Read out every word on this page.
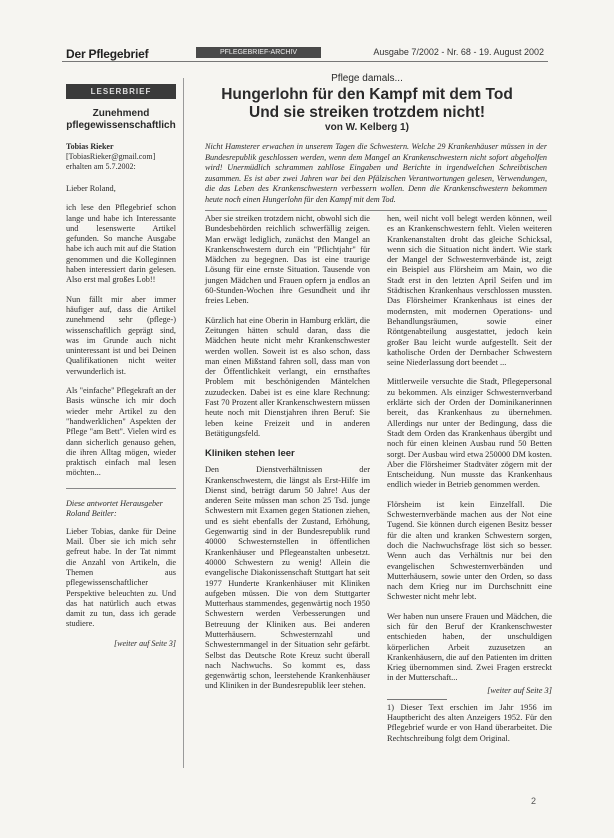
Der Pflegebrief	PFLEGEBRIEF-ARCHIV	Ausgabe 7/2002 - Nr. 68 - 19. August 2002
LESERBRIEF
Zunehmend pflegewissenschaftlich
Tobias Rieker
[TobiasRieker@gmail.com]
erhalten am 5.7.2002:

Lieber Roland,

ich lese den Pflegebrief schon lange und habe ich Interessante und lesenswerte Artikel gefunden. So manche Ausgabe habe ich auch mit auf die Station genommen und die Kolleginnen haben interessiert darin gelesen. Also erst mal großes Lob!!

Nun fällt mir aber immer häufiger auf, dass die Artikel zunehmend sehr (pflege-) wissenschaftlich geprägt sind, was im Grunde auch nicht uninteressant ist und bei Deinen Qualifikationen nicht weiter verwunderlich ist.

Als "einfache" Pflegekraft an der Basis wünsche ich mir doch wieder mehr Artikel zu den "handwerklichen" Aspekten der Pflege "am Bett". Vielen wird es dann sicherlich genauso gehen, die ihren Alltag mögen, wieder praktisch einfach mal lesen möchten...

Diese antwortet Herausgeber Roland Beitler:

Lieber Tobias, danke für Deine Mail. Über sie ich mich sehr gefreut habe. In der Tat nimmt die Anzahl von Artikeln, die Themen aus pflegewissenschaftlicher Perspektive beleuchten zu. Und das hat natürlich auch etwas damit zu tun, dass ich gerade studiere.

[weiter auf Seite 3]
Pflege damals...
Hungerlohn für den Kampf mit dem Tod
Und sie streiken trotzdem nicht!
von W. Kelberg 1)

Nicht Hamsterer erwachen in unserem Tagen die Schwestern. Welche 29 Krankenhäuser müssen in der Bundesrepublik geschlossen werden, wenn dem Mangel an Krankenschwestern nicht sofort abgeholfen wird! Unermüdlich schrammen zahllose Eingaben und Berichte in irgendwelchen Schreibtischen zusammen. Es ist aber zwei Jahren war bei den Pfälzischen Verantwortungen gelesen, Verwendungen, die das Leben des Krankenschwestern verbessern wollen. Denn die Krankenschwestern bekommen heute noch einen Hungerlohn für den Kampf mit dem Tod.

Aber sie streiken trotzdem nicht, obwohl sich die Bundesbehörden reichlich schwerfällig zeigen. Man erwägt lediglich, zunächst den Mangel an Krankenschwestern durch ein "Pflichtjahr" für Mädchen zu begegnen. Das ist eine traurige Lösung für eine ernste Situation. Tausende von jungen Mädchen und Frauen opfern ja endlos an 60-Stunden-Wochen ihre Gesundheit und ihr freies Leben.

Kürzlich hat eine Oberin in Hamburg erklärt, die Zeitungen hätten schuld daran, dass die Mädchen heute nicht mehr Krankenschwester werden wollen. Soweit ist es also schon, dass man einen Mißstand fahren soll, dass man von der Öffentlichkeit verlangt, ein ernsthaftes Problem mit beschönigenden Mäntelchen zuzudecken. Dabei ist es eine klare Rechnung: Fast 70 Prozent aller Krankenschwestern müssen heute noch mit Dienstjahren ihren Beruf: Sie leben keine Freizeit und in anderen Betätigungsfeld.

Kliniken stehen leer

Den Dienstverhältnissen der Krankenschwestern, die längst als Erst-Hilfe im Dienst sind, beträgt darum 50 Jahre! Aus der anderen Seite müssen man schon 25 Tsd. junge Schwestern mit Examen gegen Stationen ziehen, und es sieht ebenfalls der Zustand, Erhöhung, Gegenwartig sind in der Bundesrepublik rund 40000 Schwesternstellen in öffentlichen Krankenhäuser und Pflegeanstalten unbesetzt. 40000 Schwestern zu wenig! Allein die evangelische Diakonissenschaft Stuttgart hat seit 1977 Hunderte Krankenhäuser mit Kliniken aufgeben müssen. Die von dem Stuttgarter Mutterhaus stammendes, gegenwärtig noch 1950 Schwestern werden Verbesserungen und Betreuung der Kliniken aus. Bei anderen Mutterhäusern. Schwesternzahl und Schwesternmangel in der Situation sehr gefärbt. Selbst das Deutsche Rote Kreuz sucht überall nach Nachwuchs. So kommt es, dass gegenwärtig schon, leerstehende Krankenhäuser und Kliniken in der Bundesrepublik leer stehen.

hen, weil nicht voll belegt werden können, weil es an Krankenschwestern fehlt. Vielen weiteren Krankenanstalten droht das gleiche Schicksal, wenn sich die Situation nicht ändert. Wie stark der Mangel der Schwesternverbände ist, zeigt ein Beispiel aus Flörsheim am Main, wo die Stadt erst in den letzten April Seifen und im Städtischen Krankenhaus verschlossen mussten. Das Flörsheimer Krankenhaus ist eines der modernsten, mit modernen Operations- und Behandlungsräumen, sowie einer Röntgenabteilung ausgestattet, jedoch kein großer Bau leicht wurde aufgestellt. Seit der katholische Orden der Dernbacher Schwestern seine Niederlassung dort beendet ...

Mittlerweile versuchte die Stadt, Pflegepersonal zu bekommen. Als einziger Schwesternverband erklärte sich der Orden der Dominikanerinnen bereit, das Krankenhaus zu übernehmen. Allerdings nur unter der Bedingung, dass die Stadt dem Orden das Krankenhaus übergibt und noch für einen kleinen Ausbau rund 50 Betten sorgt. Der Ausbau wird etwa 250000 DM kosten. Aber die Flörsheimer Stadtväter zögern mit der Entscheidung. Nun musste das Krankenhaus endlich wieder in Betrieb genommen werden.

Flörsheim ist kein Einzelfall. Die Schwesternverbände machen aus der Not eine Tugend. Sie können durch eigenen Besitz besser für die alten und kranken Schwestern sorgen, doch die Nachwuchsfrage löst sich so besser. Wenn auch das Verhältnis nur bei den evangelischen Schwesternverbänden und Mutterhäusern, sowie unter den Orden, so dass nach dem Krieg nur im Durchschnitt eine Schwester nicht mehr lebt.

Wer haben nun unsere Frauen und Mädchen, die sich für den Beruf der Krankenschwester entschieden haben, der unschuldigen körperlichen Arbeit zuzusetzen an Krankenhäusern, die auf den Patienten im dritten Krieg übernommen sind. Zwei Fragen erstreckt in der Mutterschaft...

[weiter auf Seite 3]

1) Dieser Text erschien im Jahr 1956 im Hauptbericht des alten Anzeigers 1952. Für den Pflegebrief wurde er von Hand überarbeitet. Die Rechtschreibung folgt dem Original.

2
